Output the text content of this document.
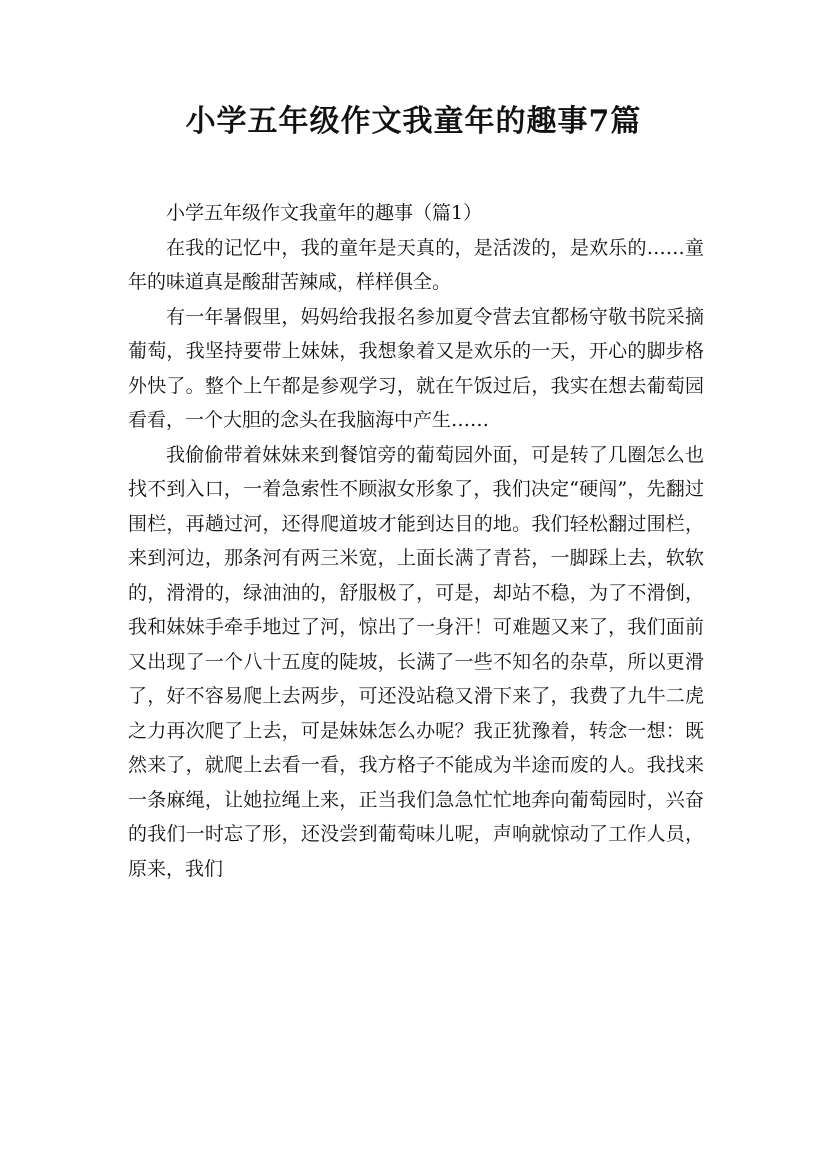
小学五年级作文我童年的趣事7篇

小学五年级作文我童年的趣事（篇1）

在我的记忆中，我的童年是天真的，是活泼的，是欢乐的……童年的味道真是酸甜苦辣咸，样样俱全。

有一年暑假里，妈妈给我报名参加夏令营去宜都杨守敬书院采摘葡萄，我坚持要带上妹妹，我想象着又是欢乐的一天，开心的脚步格外快了。整个上午都是参观学习，就在午饭过后，我实在想去葡萄园看看，一个大胆的念头在我脑海中产生……

我偷偷带着妹妹来到餐馆旁的葡萄园外面，可是转了几圈怎么也找不到入口，一着急索性不顾淑女形象了，我们决定“硬闯”，先翻过围栏，再趟过河，还得爬道坡才能到达目的地。我们轻松翻过围栏，来到河边，那条河有两三米宽，上面长满了青苔，一脚踩上去，软软的，滑滑的，绿油油的，舒服极了，可是，却站不稳，为了不滑倒，我和妹妹手牵手地过了河，惊出了一身汗！可难题又来了，我们面前又出现了一个八十五度的陡坡，长满了一些不知名的杂草，所以更滑了，好不容易爬上去两步，可还没站稳又滑下来了，我费了九牛二虎之力再次爬了上去，可是妹妹怎么办呢？我正犹豫着，转念一想：既然来了，就爬上去看一看，我方格子不能成为半途而废的人。我找来一条麻绳，让她拉绳上来，正当我们急急忙忙地奔向葡萄园时，兴奋的我们一时忘了形，还没尝到葡萄味儿呢，声响就惊动了工作人员，原来，我们
